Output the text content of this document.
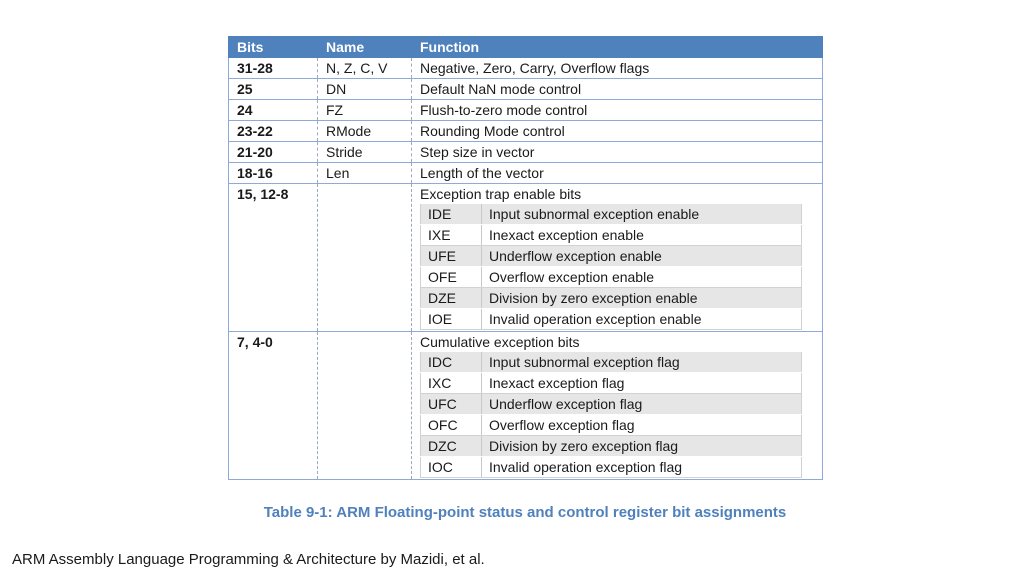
Bits	Name	Function
31-28	N, Z, C, V	Negative, Zero, Carry, Overflow flags
25	DN	Default NaN mode control
24	FZ	Flush-to-zero mode control
23-22	RMode	Rounding Mode control
21-20	Stride	Step size in vector
18-16	Len	Length of the vector
15, 12-8		Exception trap enable bits
IDE	Input subnormal exception enable
IXE	Inexact exception enable
UFE	Underflow exception enable
OFE	Overflow exception enable
DZE	Division by zero exception enable
IOE	Invalid operation exception enable

7, 4-0		Cumulative exception bits
IDC	Input subnormal exception flag
IXC	Inexact exception flag
UFC	Underflow exception flag
OFC	Overflow exception flag
DZC	Division by zero exception flag
IOC	Invalid operation exception flag
Table 9-1: ARM Floating-point status and control register bit assignments
ARM Assembly Language Programming & Architecture by Mazidi, et al.
